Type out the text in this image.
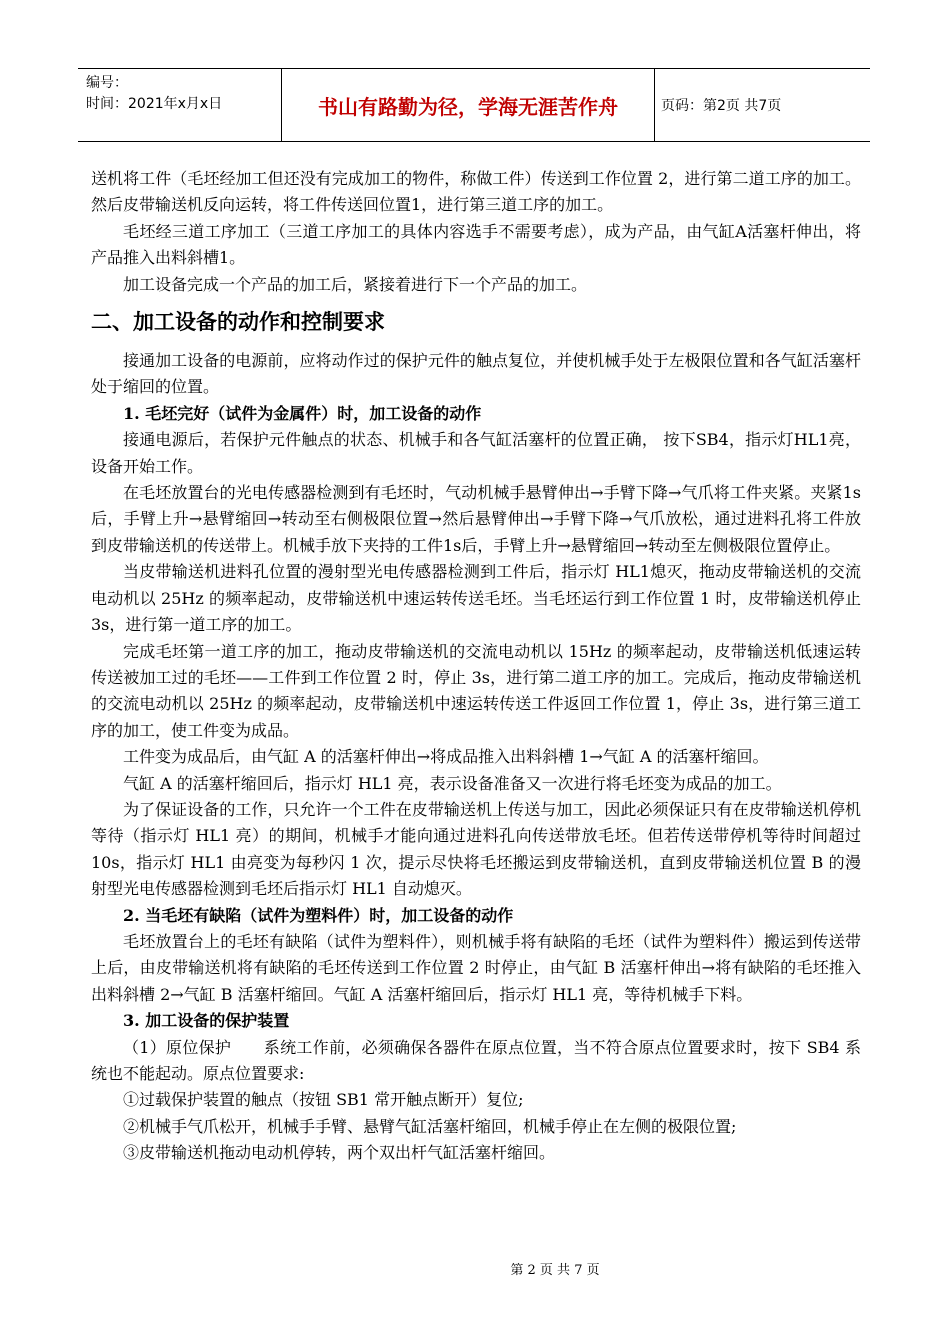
编号：
时间：2021年x月x日	书山有路勤为径，学海无涯苦作舟	页码：第2页 共7页

送机将工件（毛坯经加工但还没有完成加工的物件，称做工件）传送到工作位置 2，进行第二道工序的加工。然后皮带输送机反向运转，将工件传送回位置1，进行第三道工序的加工。

毛坯经三道工序加工（三道工序加工的具体内容选手不需要考虑），成为产品，由气缸A活塞杆伸出，将产品推入出料斜槽1。

加工设备完成一个产品的加工后，紧接着进行下一个产品的加工。

二、加工设备的动作和控制要求

接通加工设备的电源前，应将动作过的保护元件的触点复位，并使机械手处于左极限位置和各气缸活塞杆处于缩回的位置。

1. 毛坯完好（试件为金属件）时，加工设备的动作

接通电源后，若保护元件触点的状态、机械手和各气缸活塞杆的位置正确， 按下SB4，指示灯HL1亮，设备开始工作。

在毛坯放置台的光电传感器检测到有毛坯时，气动机械手悬臂伸出→手臂下降→气爪将工件夹紧。夹紧1s后，手臂上升→悬臂缩回→转动至右侧极限位置→然后悬臂伸出→手臂下降→气爪放松，通过进料孔将工件放到皮带输送机的传送带上。机械手放下夹持的工件1s后，手臂上升→悬臂缩回→转动至左侧极限位置停止。

当皮带输送机进料孔位置的漫射型光电传感器检测到工件后，指示灯 HL1熄灭，拖动皮带输送机的交流电动机以 25Hz 的频率起动，皮带输送机中速运转传送毛坯。当毛坯运行到工作位置 1 时，皮带输送机停止 3s，进行第一道工序的加工。

完成毛坯第一道工序的加工，拖动皮带输送机的交流电动机以 15Hz 的频率起动，皮带输送机低速运转传送被加工过的毛坯——工件到工作位置 2 时，停止 3s，进行第二道工序的加工。完成后，拖动皮带输送机的交流电动机以 25Hz 的频率起动，皮带输送机中速运转传送工件返回工作位置 1，停止 3s，进行第三道工序的加工，使工件变为成品。

工件变为成品后，由气缸 A 的活塞杆伸出→将成品推入出料斜槽 1→气缸 A 的活塞杆缩回。

气缸 A 的活塞杆缩回后，指示灯 HL1 亮，表示设备准备又一次进行将毛坯变为成品的加工。

为了保证设备的工作，只允许一个工件在皮带输送机上传送与加工，因此必须保证只有在皮带输送机停机等待（指示灯 HL1 亮）的期间，机械手才能向通过进料孔向传送带放毛坯。但若传送带停机等待时间超过 10s，指示灯 HL1 由亮变为每秒闪 1 次，提示尽快将毛坯搬运到皮带输送机，直到皮带输送机位置 B 的漫射型光电传感器检测到毛坯后指示灯 HL1 自动熄灭。

2. 当毛坯有缺陷（试件为塑料件）时，加工设备的动作

毛坯放置台上的毛坯有缺陷（试件为塑料件），则机械手将有缺陷的毛坯（试件为塑料件）搬运到传送带上后，由皮带输送机将有缺陷的毛坯传送到工作位置 2 时停止，由气缸 B 活塞杆伸出→将有缺陷的毛坯推入出料斜槽 2→气缸 B 活塞杆缩回。气缸 A 活塞杆缩回后，指示灯 HL1 亮，等待机械手下料。

3. 加工设备的保护装置

（1）原位保护　　系统工作前，必须确保各器件在原点位置，当不符合原点位置要求时，按下 SB4 系统也不能起动。原点位置要求:

①过载保护装置的触点（按钮 SB1 常开触点断开）复位;

②机械手气爪松开，机械手手臂、悬臂气缸活塞杆缩回，机械手停止在左侧的极限位置;

③皮带输送机拖动电动机停转，两个双出杆气缸活塞杆缩回。

第 2 页 共 7 页
